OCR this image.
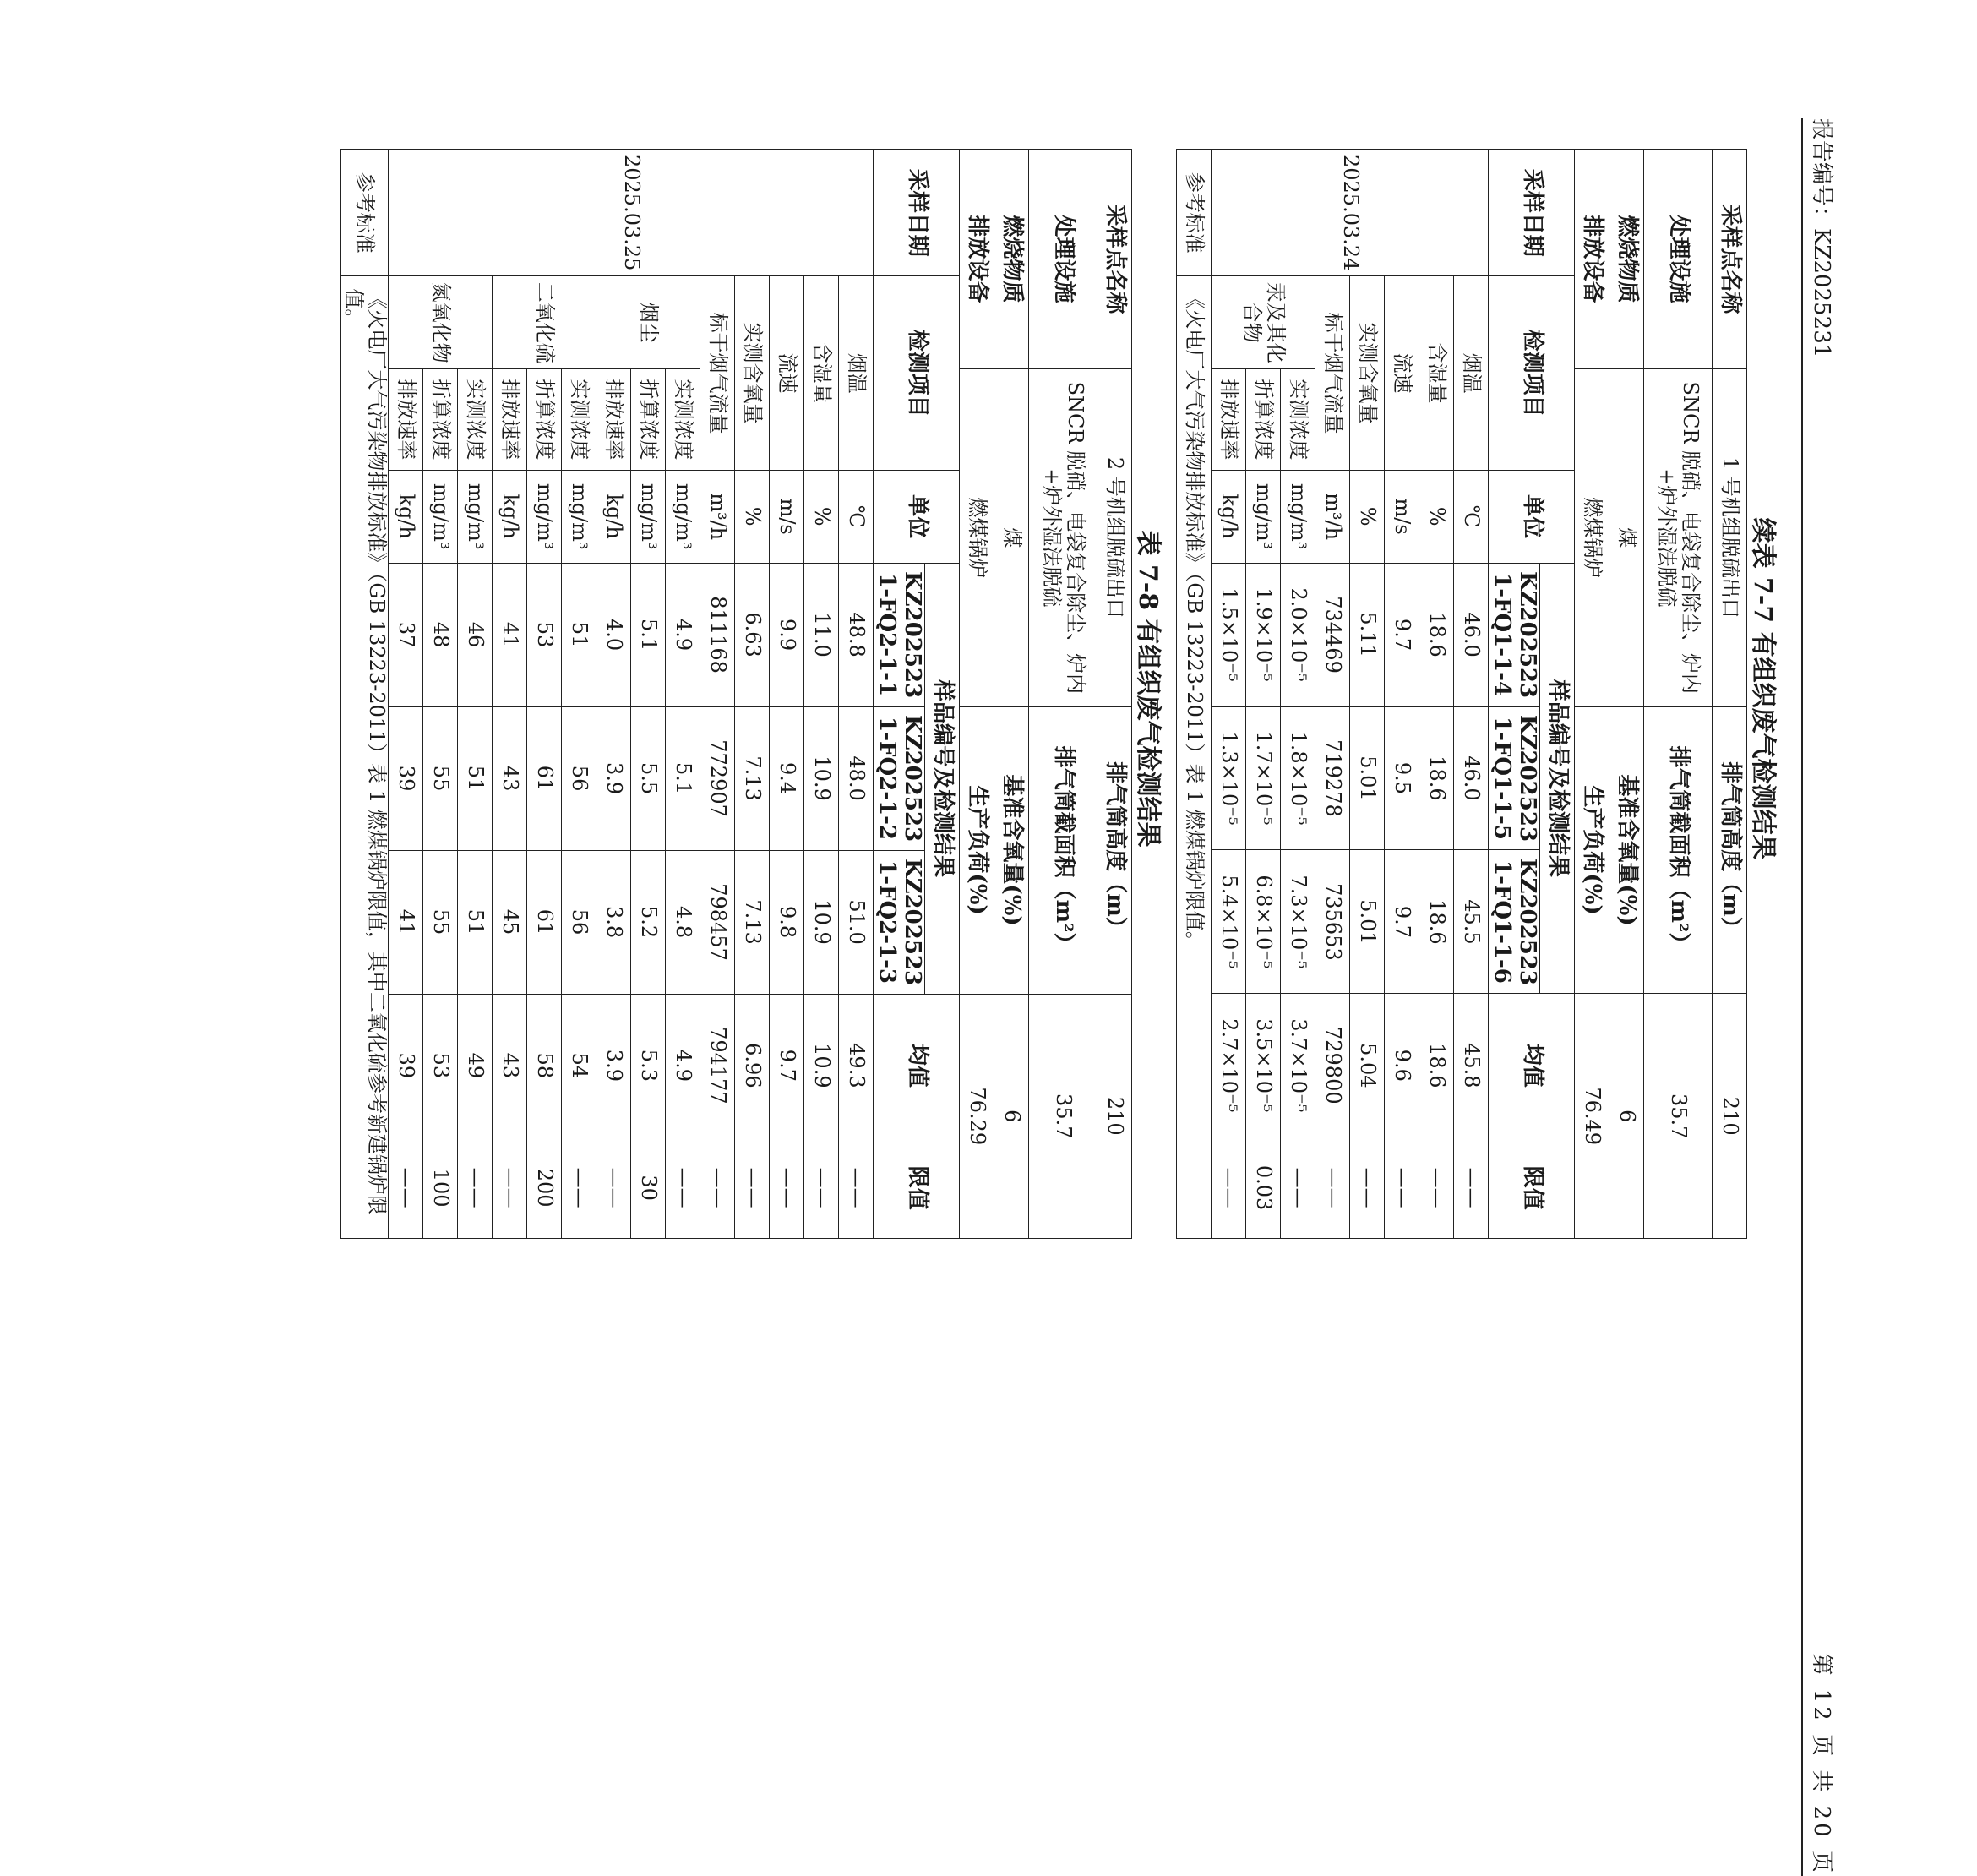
报告编号：KZ2025231
第 12 页 共 20 页
续表 7-7 有组织废气检测结果
采样点名称		1 号机组脱硫出口			排气筒高度（m）		210	
处理设施		SNCR 脱硝、电袋复合除尘、炉内+炉外湿法脱硫			排气筒截面积（m²）		35.7	
燃烧物质		煤			基准含氧量(%)		6	
排放设备		燃煤锅炉			生产负荷(%)		76.49	
采样日期	检测项目		单位	样品编号及检测结果			均值	限值
				KZ202523 1-FQ1-1-4	KZ202523 1-FQ1-1-5	KZ202523 1-FQ1-1-6		
2025.03.24	烟温		℃	46.0	46.0	45.5	45.8	——
	含湿量		%	18.6	18.6	18.6	18.6	——
	流速		m/s	9.7	9.5	9.7	9.6	——
	实测含氧量		%	5.11	5.01	5.01	5.04	——
	标干烟气流量		m³/h	734469	719278	735653	729800	——
	汞及其化合物	实测浓度	mg/m³	2.0×10⁻⁵	1.8×10⁻⁵	7.3×10⁻⁵	3.7×10⁻⁵	——
		折算浓度	mg/m³	1.9×10⁻⁵	1.7×10⁻⁵	6.8×10⁻⁵	3.5×10⁻⁵	0.03
		排放速率	kg/h	1.5×10⁻⁵	1.3×10⁻⁵	5.4×10⁻⁵	2.7×10⁻⁵	——
参考标准	《火电厂大气污染物排放标准》（GB 13223-2011）表 1 燃煤锅炉限值。							
表 7-8 有组织废气检测结果
采样点名称		2 号机组脱硫出口			排气筒高度（m）		210	
处理设施		SNCR 脱硝、电袋复合除尘、炉内+炉外湿法脱硫			排气筒截面积（m²）		35.7	
燃烧物质		煤			基准含氧量(%)		6	
排放设备		燃煤锅炉			生产负荷(%)		76.29	
采样日期	检测项目		单位	样品编号及检测结果			均值	限值
				KZ202523 1-FQ2-1-1	KZ202523 1-FQ2-1-2	KZ202523 1-FQ2-1-3		
2025.03.25	烟温		℃	48.8	48.0	51.0	49.3	——
	含湿量		%	11.0	10.9	10.9	10.9	——
	流速		m/s	9.9	9.4	9.8	9.7	——
	实测含氧量		%	6.63	7.13	7.13	6.96	——
	标干烟气流量		m³/h	811168	772907	798457	794177	——
	烟尘	实测浓度	mg/m³	4.9	5.1	4.8	4.9	——
		折算浓度	mg/m³	5.1	5.5	5.2	5.3	30
		排放速率	kg/h	4.0	3.9	3.8	3.9	——
	二氧化硫	实测浓度	mg/m³	51	56	56	54	——
		折算浓度	mg/m³	53	61	61	58	200
		排放速率	kg/h	41	43	45	43	——
	氮氧化物	实测浓度	mg/m³	46	51	51	49	——
		折算浓度	mg/m³	48	55	55	53	100
		排放速率	kg/h	37	39	41	39	——
参考标准	《火电厂大气污染物排放标准》（GB 13223-2011）表 1 燃煤锅炉限值，其中二氧化硫参考新建锅炉限值。							
